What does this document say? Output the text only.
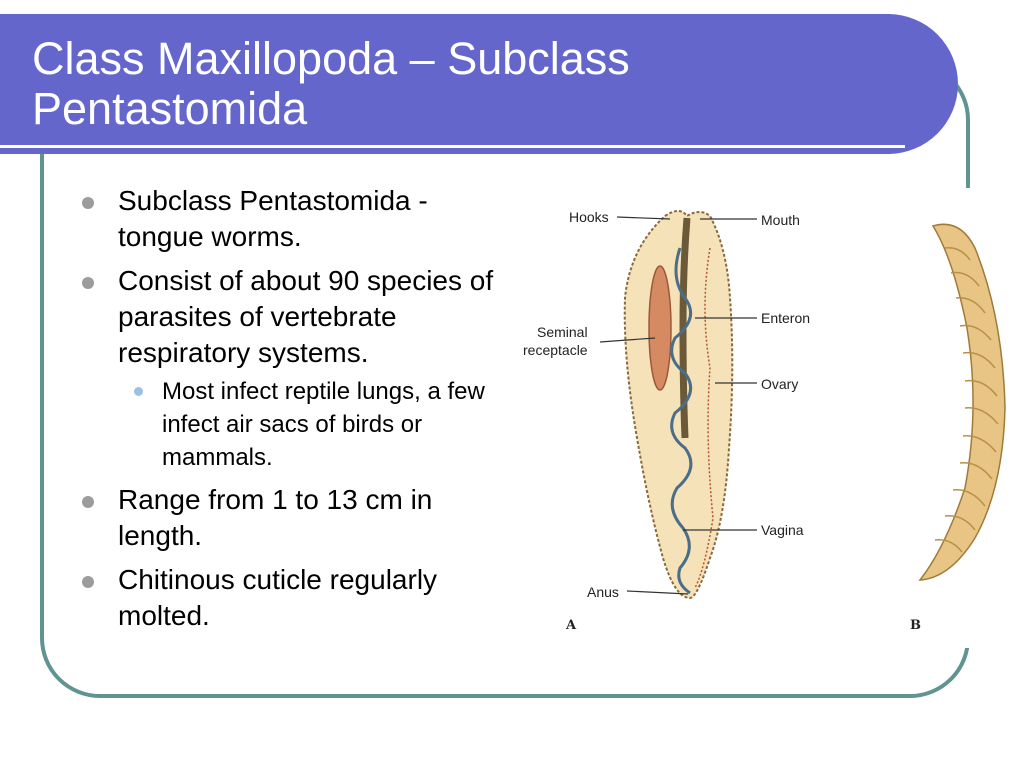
Class Maxillopoda – Subclass Pentastomida
Subclass Pentastomida - tongue worms.
Consist of about 90 species of parasites of vertebrate respiratory systems.
Most infect reptile lungs, a few infect air sacs of birds or mammals.
Range from 1 to 13 cm in length.
Chitinous cuticle regularly molted.
Hooks	Mouth
Seminal
receptacle
Enteron
Ovary
Vagina
Anus
A	B
